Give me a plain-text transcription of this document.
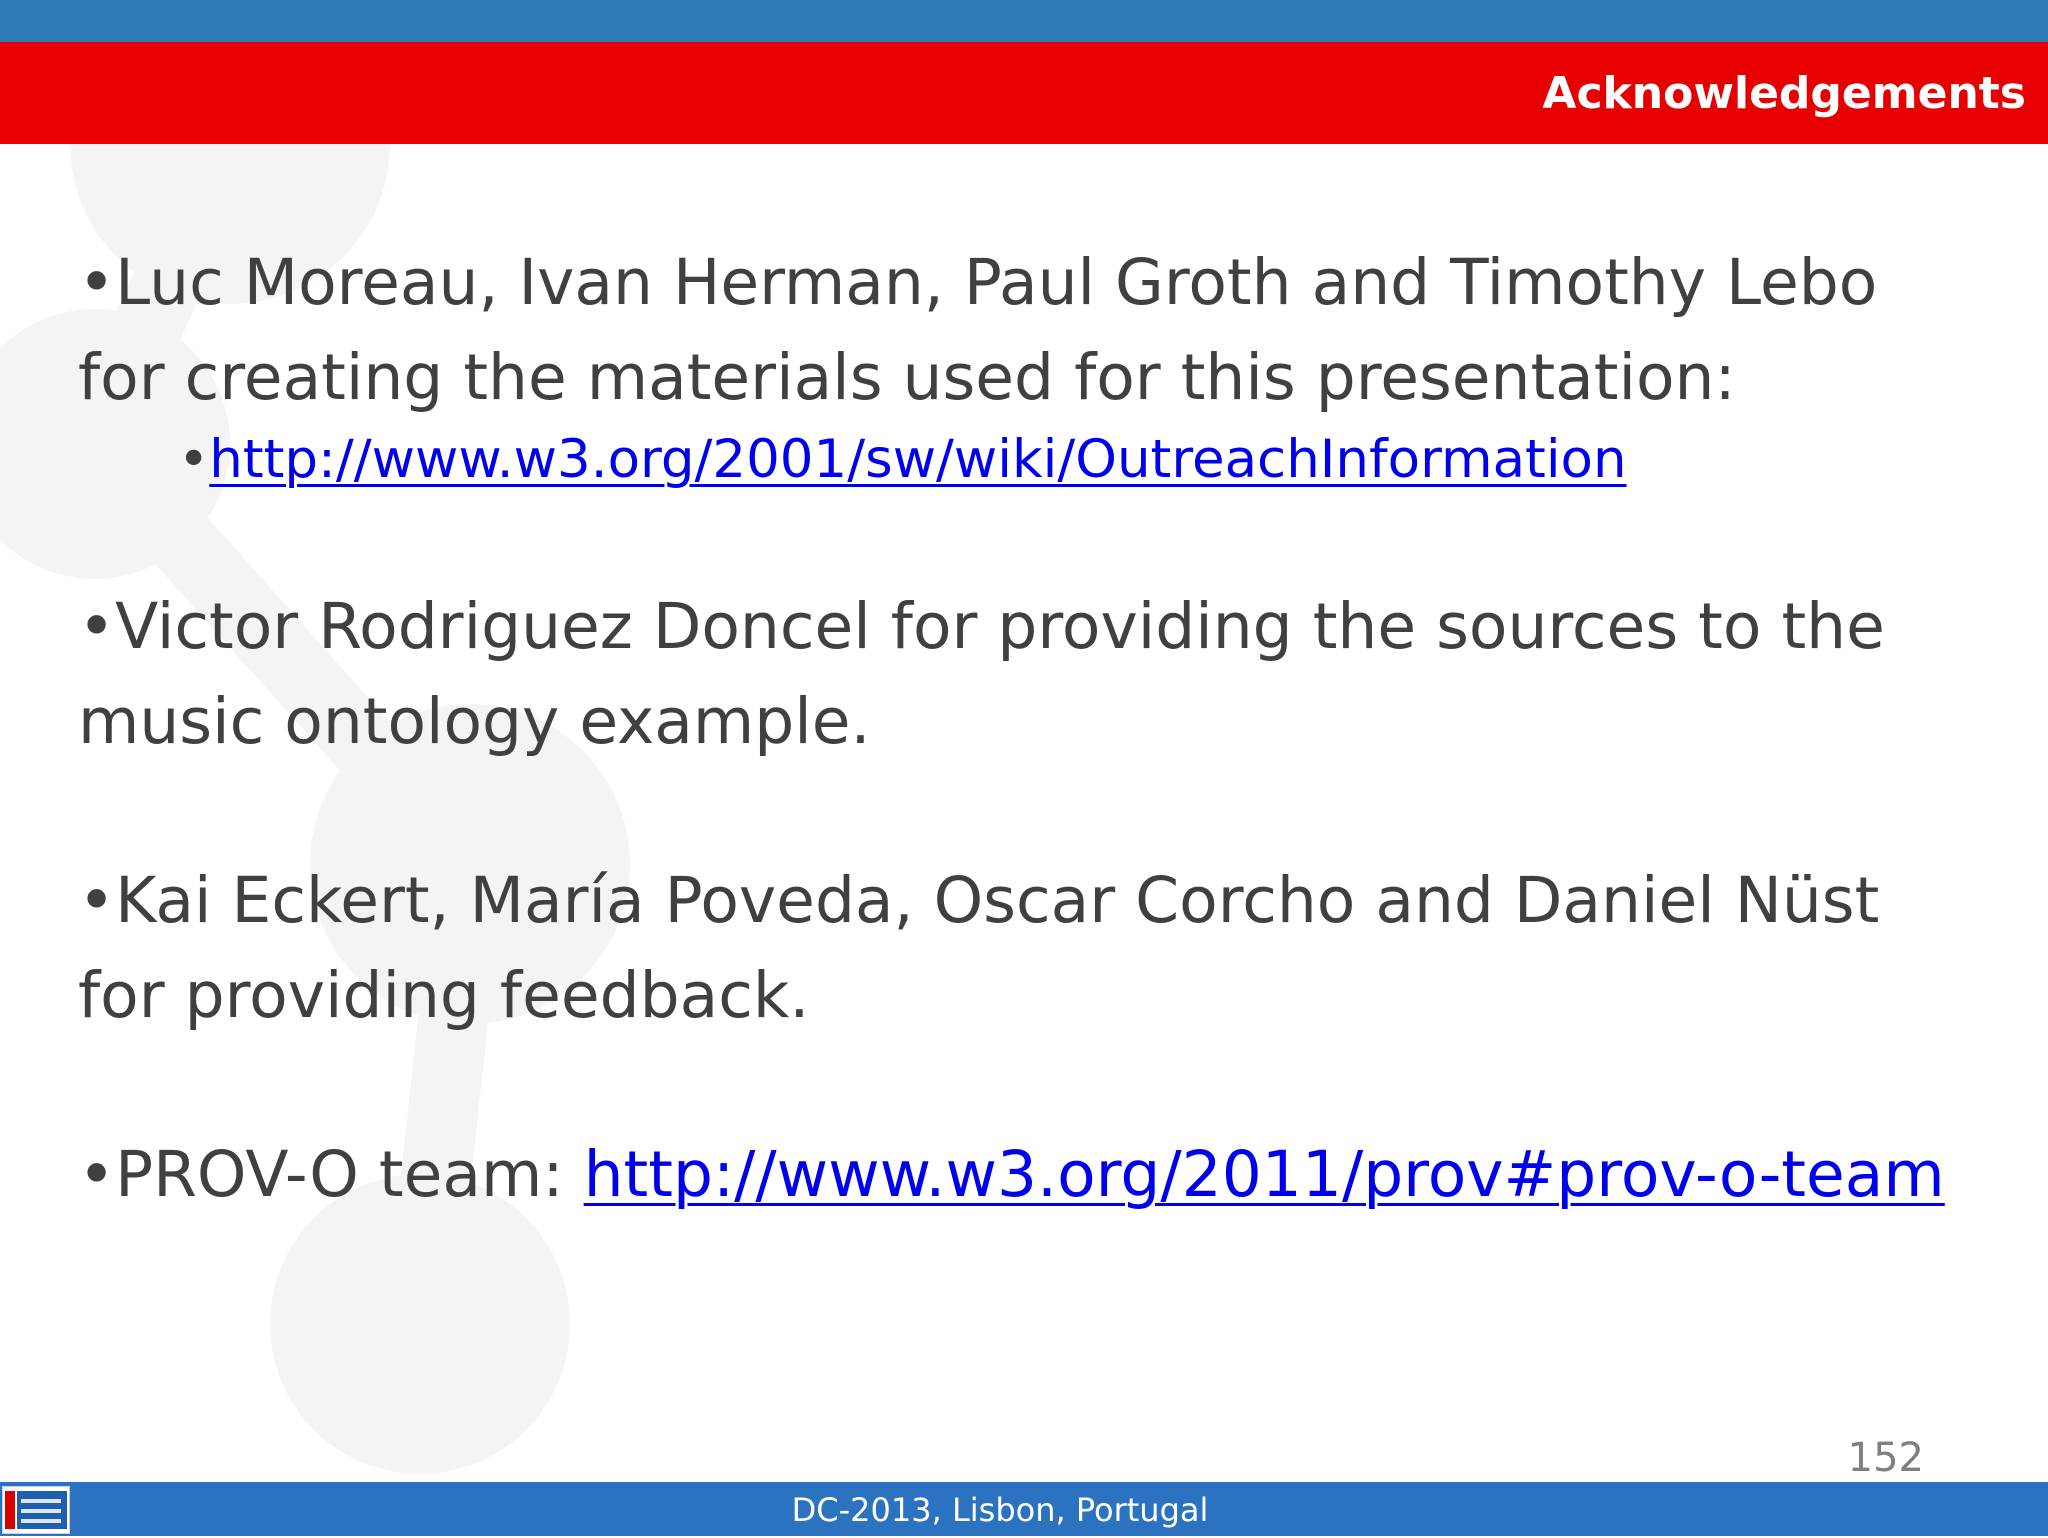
Acknowledgements
•Luc Moreau, Ivan Herman, Paul Groth and Timothy Lebo
for creating the materials used for this presentation:
•http://www.w3.org/2001/sw/wiki/OutreachInformation
•Victor Rodriguez Doncel for providing the sources to the
music ontology example.
•Kai Eckert, María Poveda, Oscar Corcho and Daniel Nüst
for providing feedback.
•PROV-O team: http://www.w3.org/2011/prov#prov-o-team
152
DC-2013, Lisbon, Portugal
